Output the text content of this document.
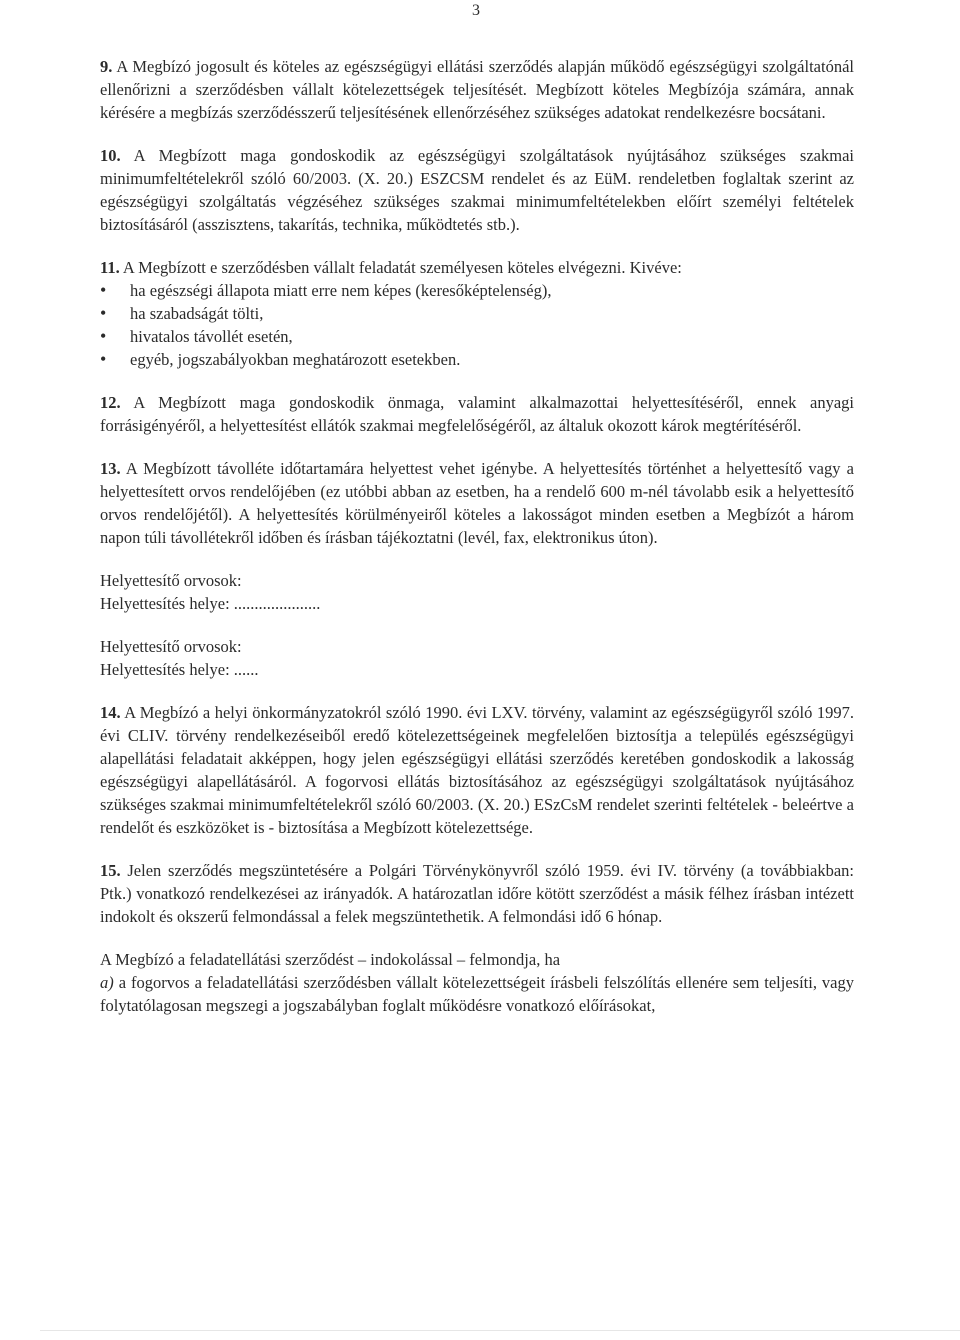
3

9. A Megbízó jogosult és köteles az egészségügyi ellátási szerződés alapján működő egészségügyi szolgáltatónál ellenőrizni a szerződésben vállalt kötelezettségek teljesítését. Megbízott köteles Megbízója számára, annak kérésére a megbízás szerződésszerű teljesítésének ellenőrzéséhez szükséges adatokat rendelkezésre bocsátani.

10. A Megbízott maga gondoskodik az egészségügyi szolgáltatások nyújtásához szükséges szakmai minimumfeltételekről szóló 60/2003. (X. 20.) ESZCSM rendelet és az EüM. rendeletben foglaltak szerint az egészségügyi szolgáltatás végzéséhez szükséges szakmai minimumfeltételekben előírt személyi feltételek biztosításáról (asszisztens, takarítás, technika, működtetés stb.).

11. A Megbízott e szerződésben vállalt feladatát személyesen köteles elvégezni. Kivéve:

• ha egészségi állapota miatt erre nem képes (keresőképtelenség),
• ha szabadságát tölti,
• hivatalos távollét esetén,
• egyéb, jogszabályokban meghatározott esetekben.

12. A Megbízott maga gondoskodik önmaga, valamint alkalmazottai helyettesítéséről, ennek anyagi forrásigényéről, a helyettesítést ellátók szakmai megfelelőségéről, az általuk okozott károk megtérítéséről.

13. A Megbízott távolléte időtartamára helyettest vehet igénybe. A helyettesítés történhet a helyettesítő vagy a helyettesített orvos rendelőjében (ez utóbbi abban az esetben, ha a rendelő 600 m-nél távolabb esik a helyettesítő orvos rendelőjétől). A helyettesítés körülményeiről köteles a lakosságot minden esetben a Megbízót a három napon túli távollétekről időben és írásban tájékoztatni (levél, fax, elektronikus úton).

Helyettesítő orvosok:
Helyettesítés helye: .....................
Helyettesítő orvosok:
Helyettesítés helye: ......

14. A Megbízó a helyi önkormányzatokról szóló 1990. évi LXV. törvény, valamint az egészségügyről szóló 1997. évi CLIV. törvény rendelkezéseiből eredő kötelezettségeinek megfelelően biztosítja a település egészségügyi alapellátási feladatait akképpen, hogy jelen egészségügyi ellátási szerződés keretében gondoskodik a lakosság egészségügyi alapellátásáról. A fogorvosi ellátás biztosításához az egészségügyi szolgáltatások nyújtásához szükséges szakmai minimumfeltételekről szóló 60/2003. (X. 20.) ESzCsM rendelet szerinti feltételek - beleértve a rendelőt és eszközöket is - biztosítása a Megbízott kötelezettsége.

15. Jelen szerződés megszüntetésére a Polgári Törvénykönyvről szóló 1959. évi IV. törvény (a továbbiakban: Ptk.) vonatkozó rendelkezései az irányadók. A határozatlan időre kötött szerződést a másik félhez írásban intézett indokolt és okszerű felmondással a felek megszüntethetik. A felmondási idő 6 hónap.

A Megbízó a feladatellátási szerződést – indokolással – felmondja, ha

a) a fogorvos a feladatellátási szerződésben vállalt kötelezettségeit írásbeli felszólítás ellenére sem teljesíti, vagy folytatólagosan megszegi a jogszabályban foglalt működésre vonatkozó előírásokat,
